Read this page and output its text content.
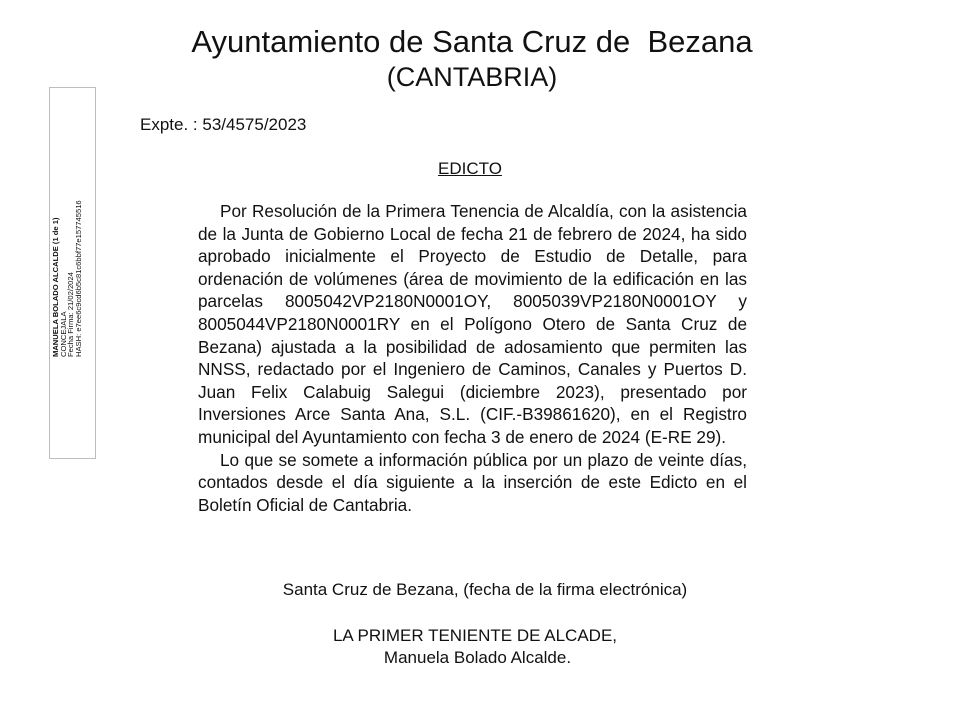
Ayuntamiento de Santa Cruz de  Bezana
(CANTABRIA)
MANUELA BOLADO ALCALDE (1 de 1)
CONCEJALA
Fecha Firma: 21/02/2024
HASH: e7ee6c9cd6b5c81c6bbf77e157745516
Expte. : 53/4575/2023
EDICTO

Por Resolución de la Primera Tenencia de Alcaldía, con la asistencia de la Junta de Gobierno Local de fecha 21 de febrero de 2024, ha sido aprobado inicialmente el Proyecto de Estudio de Detalle, para ordenación de volúmenes (área de movimiento de la edificación en las parcelas 8005042VP2180N0001OY, 8005039VP2180N0001OY y 8005044VP2180N0001RY en el Polígono Otero de Santa Cruz de Bezana) ajustada a la posibilidad de adosamiento que permiten las NNSS, redactado por el Ingeniero de Caminos, Canales y Puertos D. Juan Felix Calabuig Salegui (diciembre 2023), presentado por Inversiones Arce Santa Ana, S.L. (CIF.-B39861620), en el Registro municipal del Ayuntamiento con fecha 3 de enero de 2024 (E-RE 29).

Lo que se somete a información pública por un plazo de veinte días, contados desde el día siguiente a la inserción de este Edicto en el Boletín Oficial de Cantabria.

Santa Cruz de Bezana, (fecha de la firma electrónica)
LA PRIMER TENIENTE DE ALCADE,
Manuela Bolado Alcalde.
